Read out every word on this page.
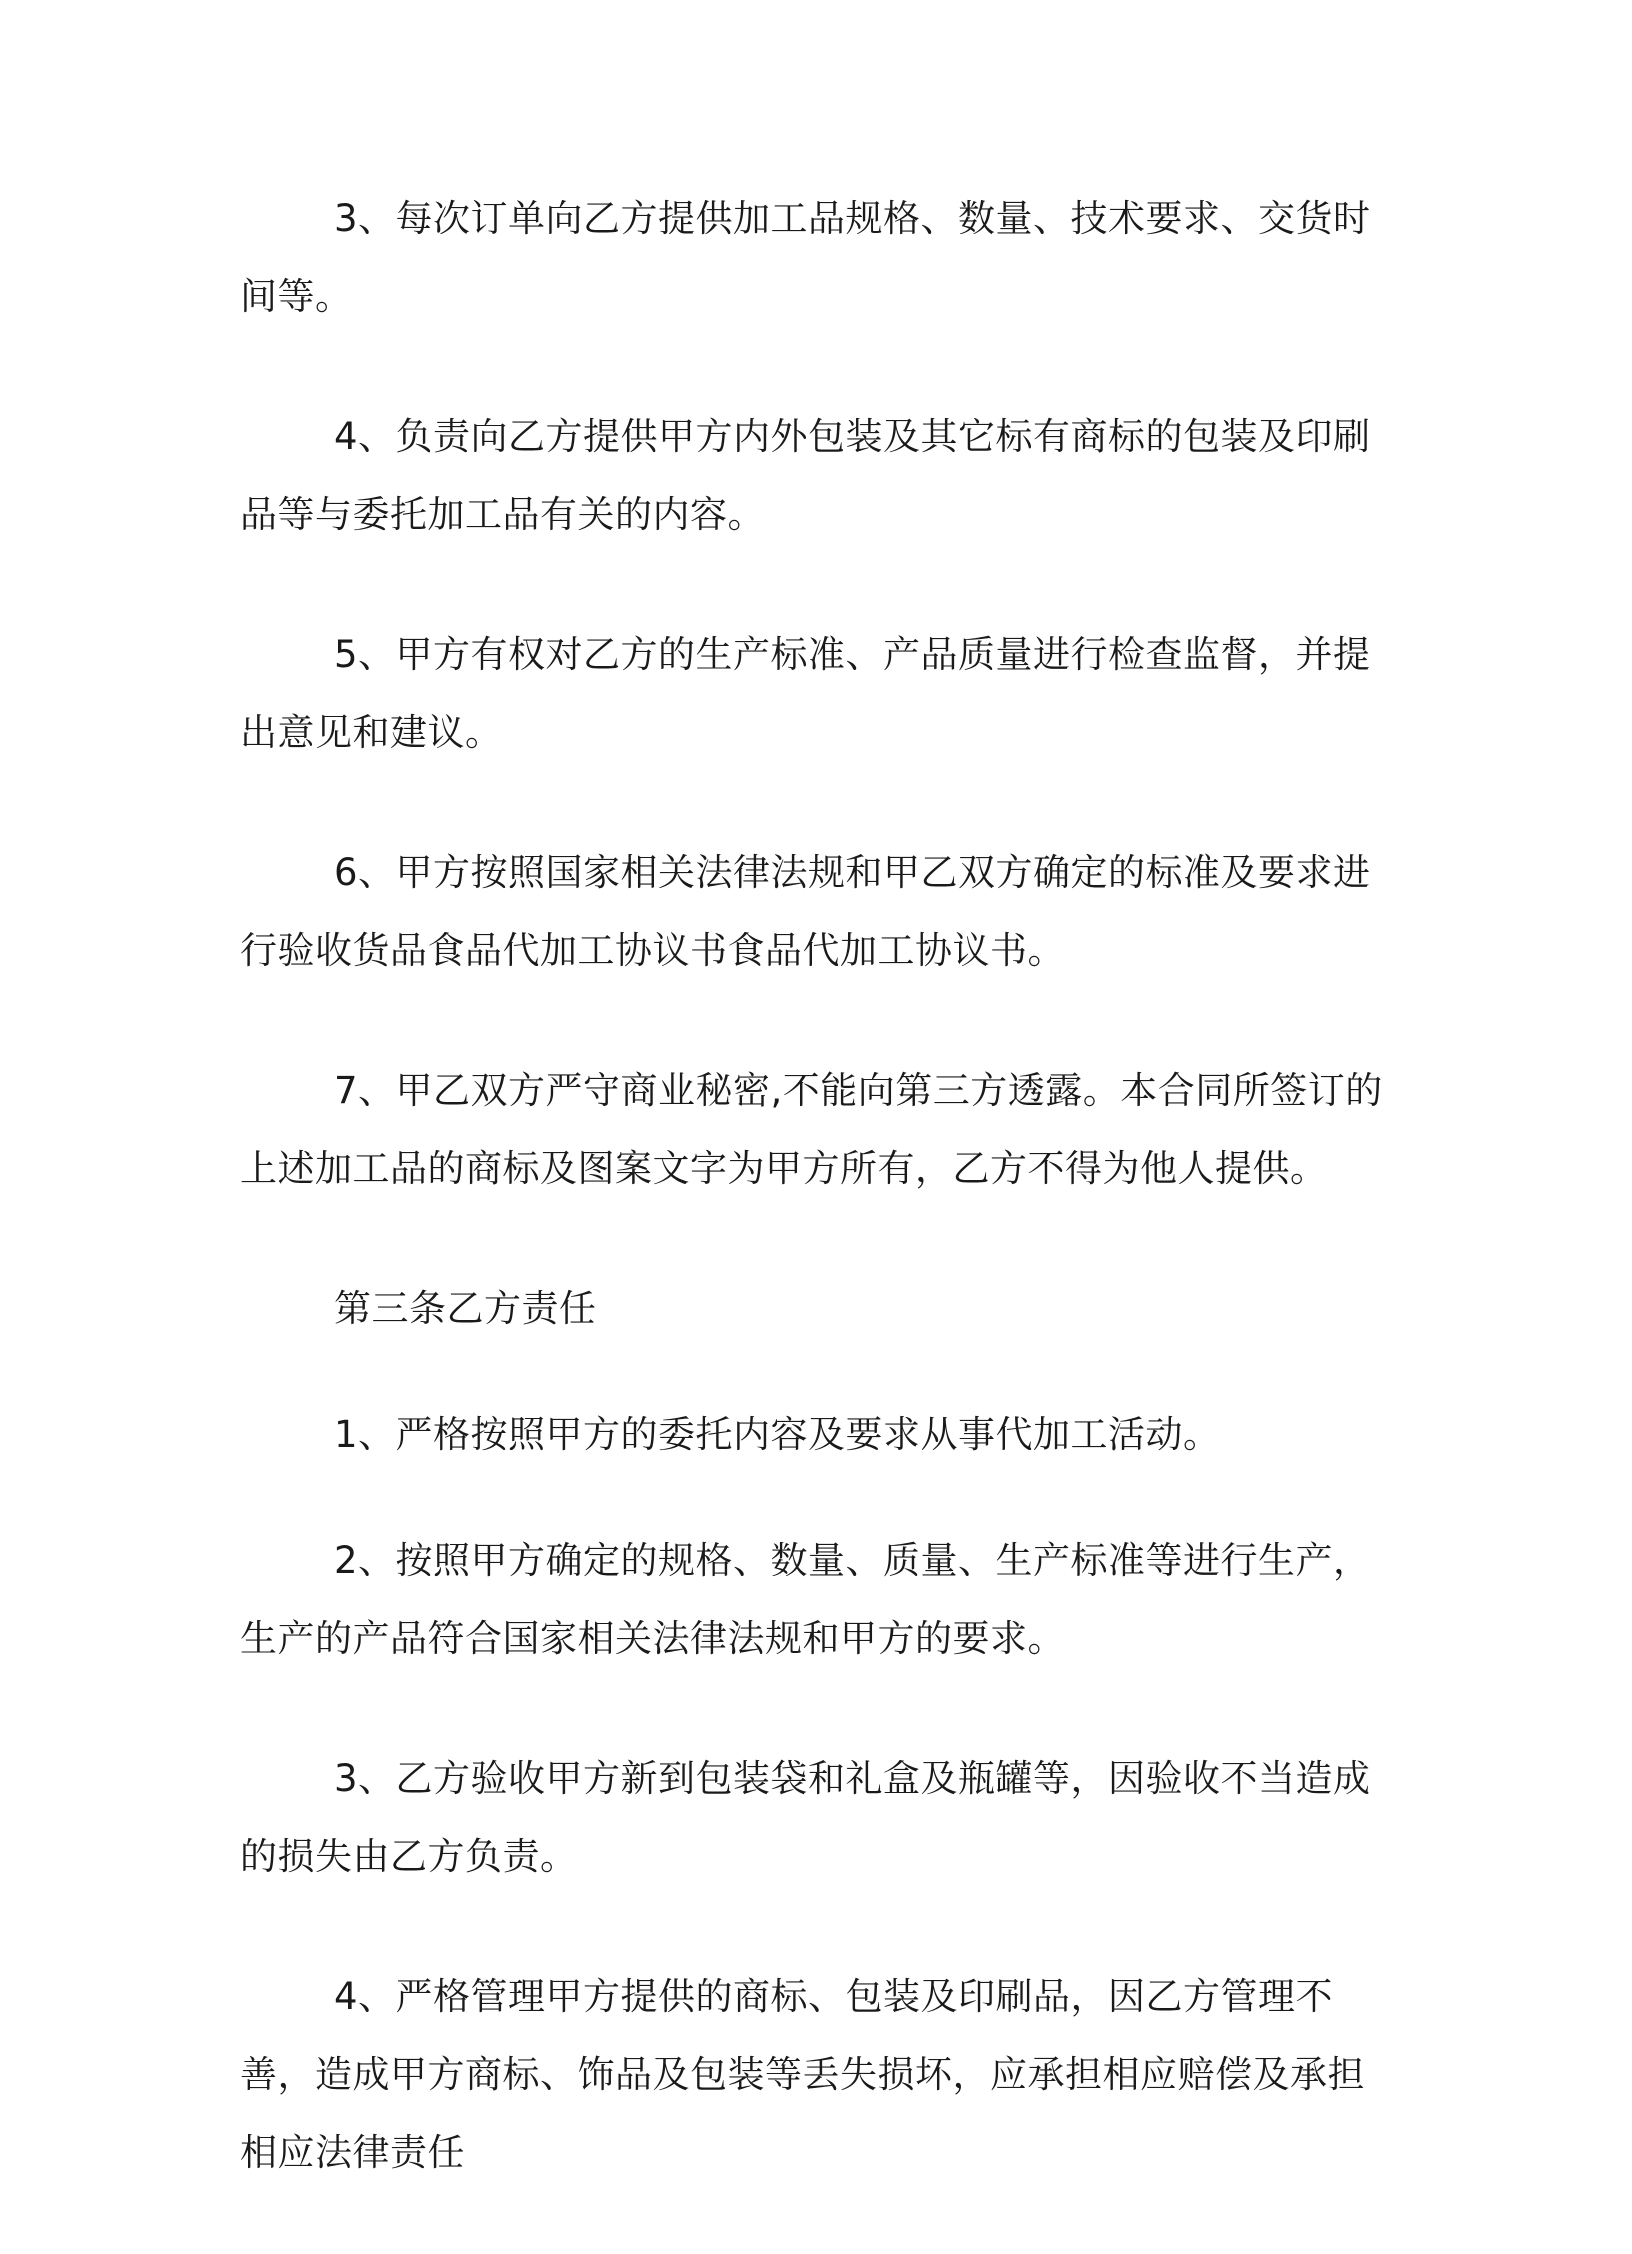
3、每次订单向乙方提供加工品规格、数量、技术要求、交货时间等。

4、负责向乙方提供甲方内外包装及其它标有商标的包装及印刷品等与委托加工品有关的内容。

5、甲方有权对乙方的生产标准、产品质量进行检查监督，并提出意见和建议。

6、甲方按照国家相关法律法规和甲乙双方确定的标准及要求进行验收货品食品代加工协议书食品代加工协议书。

7、甲乙双方严守商业秘密,不能向第三方透露。本合同所签订的上述加工品的商标及图案文字为甲方所有，乙方不得为他人提供。

第三条乙方责任

1、严格按照甲方的委托内容及要求从事代加工活动。

2、按照甲方确定的规格、数量、质量、生产标准等进行生产，生产的产品符合国家相关法律法规和甲方的要求。

3、乙方验收甲方新到包装袋和礼盒及瓶罐等，因验收不当造成的损失由乙方负责。

4、严格管理甲方提供的商标、包装及印刷品，因乙方管理不善，造成甲方商标、饰品及包装等丢失损坏，应承担相应赔偿及承担相应法律责任
